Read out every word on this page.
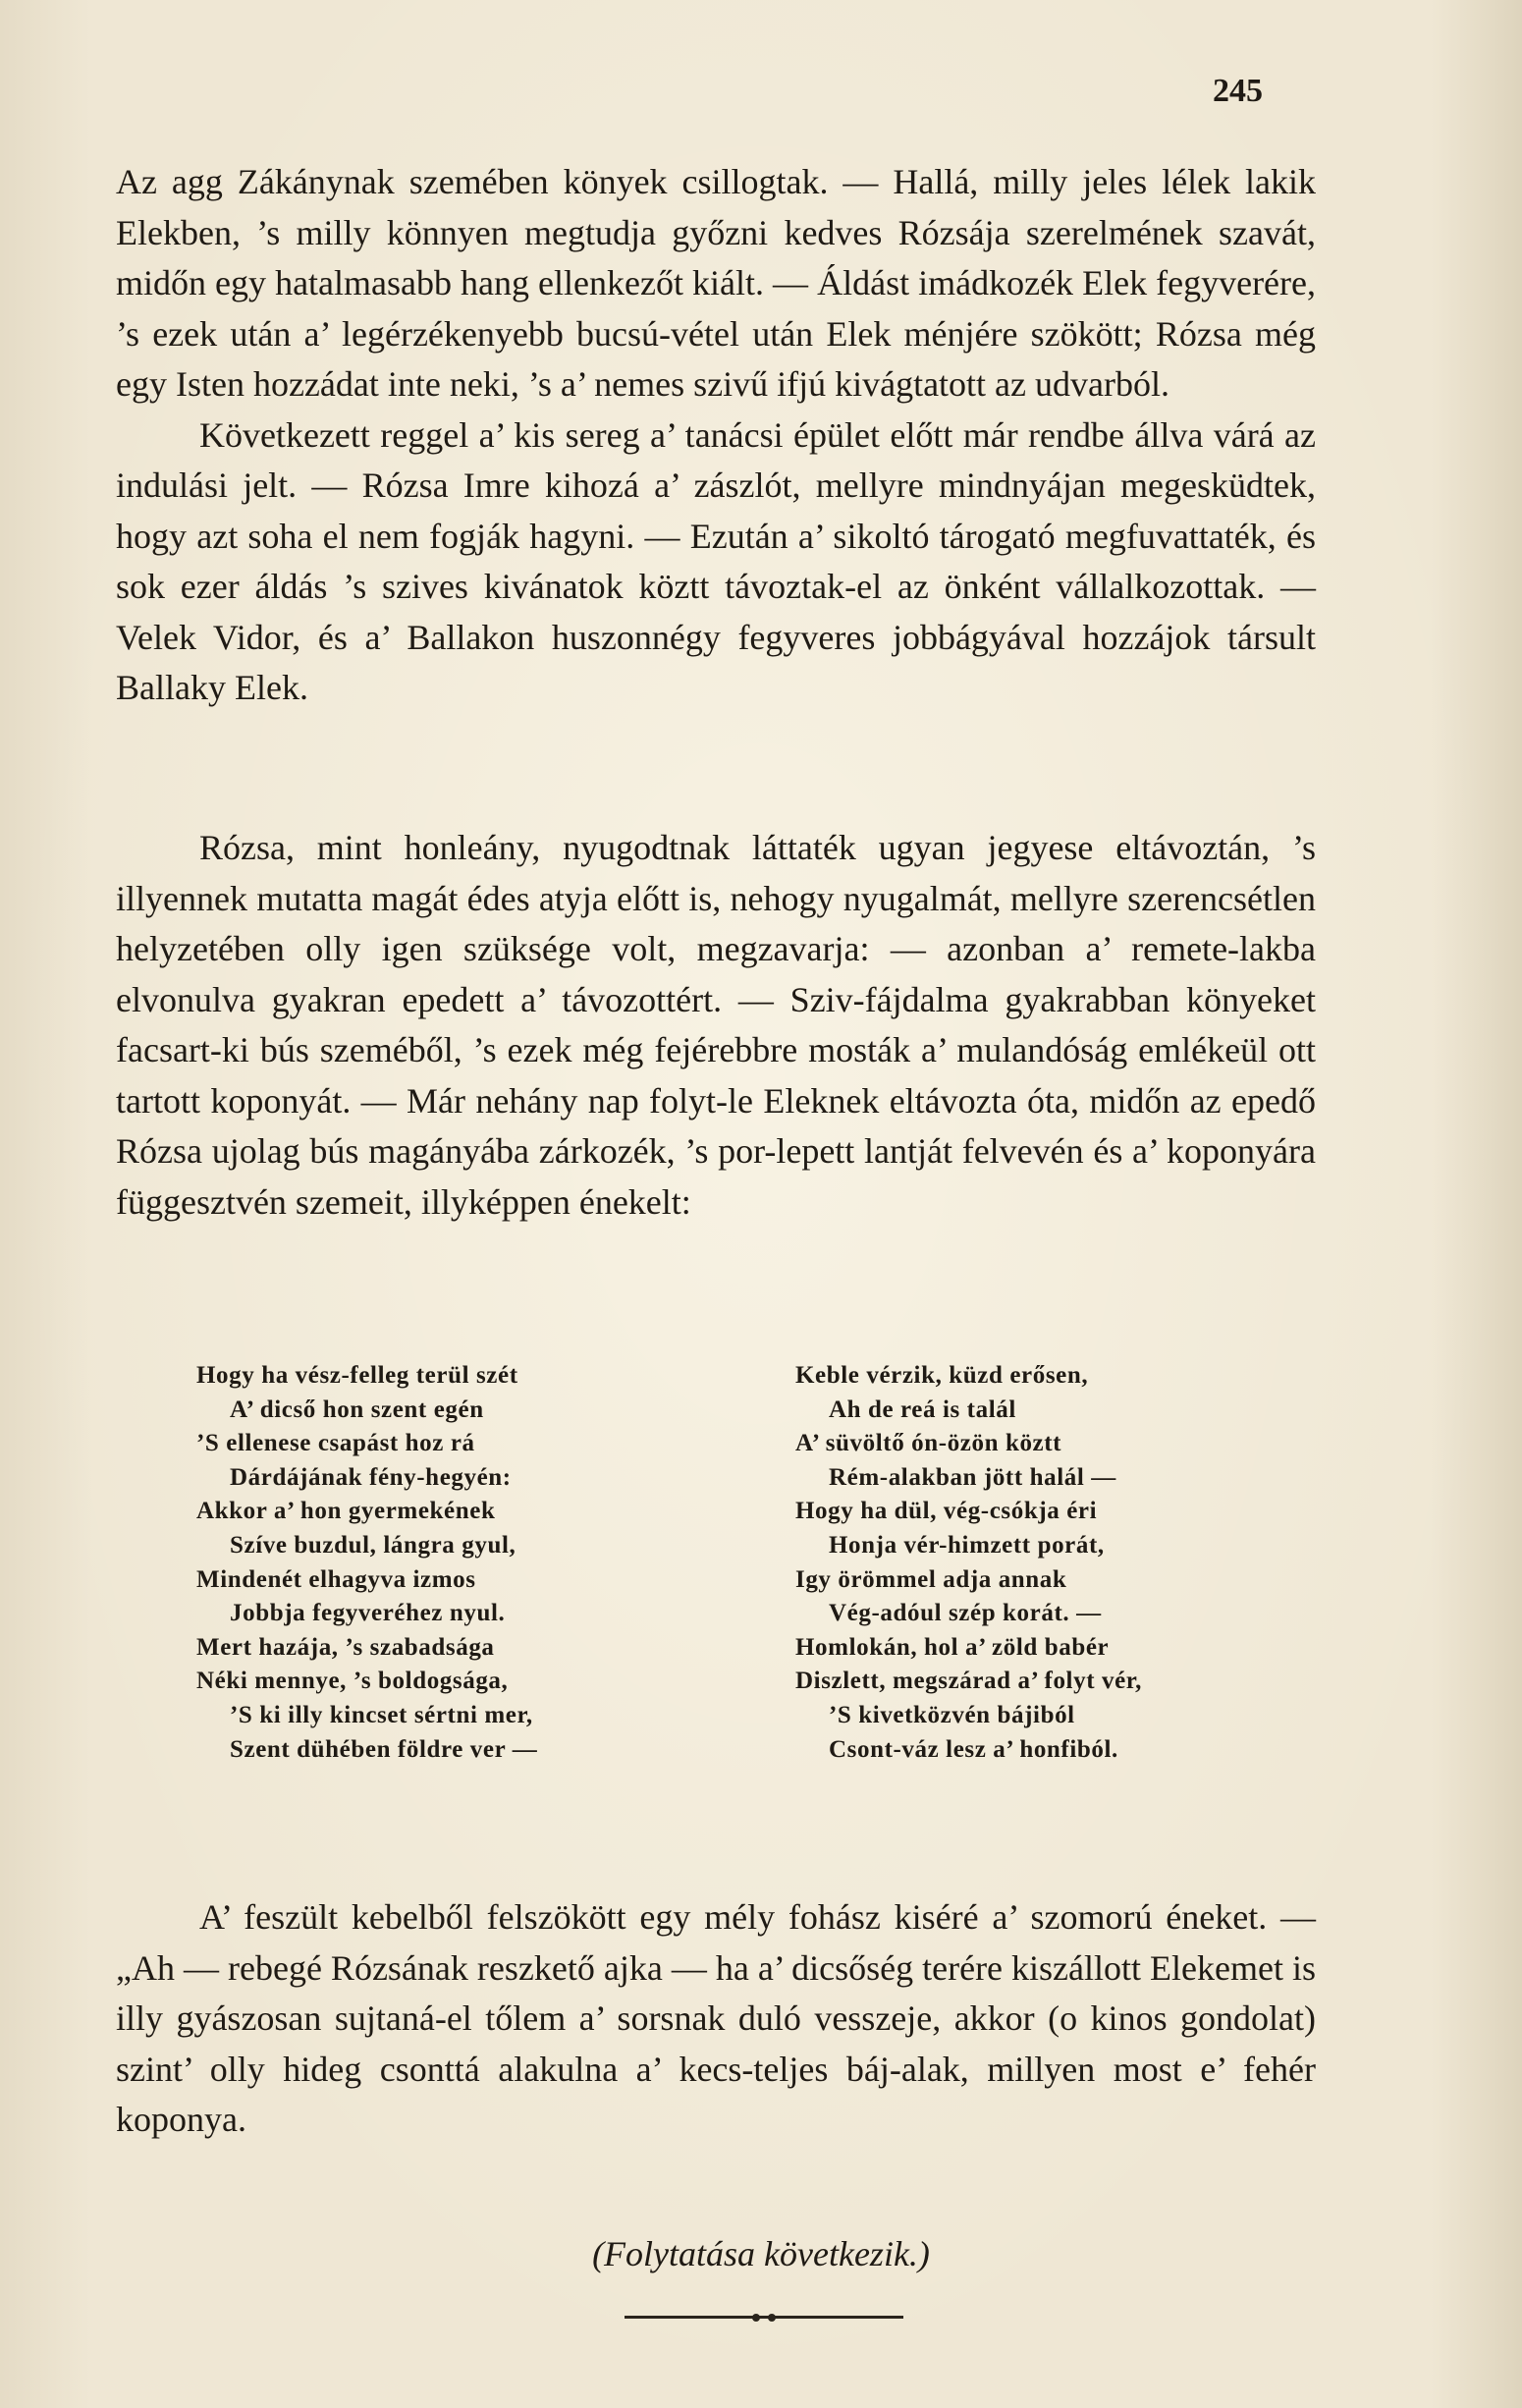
245

Az agg Zákánynak szemében könyek csillogtak. — Hallá, milly jeles lélek lakik Elekben, ’s milly könnyen megtudja győzni kedves Rózsája szerelmének szavát, midőn egy hatalmasabb hang ellenkezőt kiált. — Áldást imádkozék Elek fegyverére, ’s ezek után a’ legérzékenyebb bucsú-vétel után Elek ménjére szökött; Rózsa még egy Isten hozzádat inte neki, ’s a’ nemes szivű ifjú kivágtatott az udvarból.

Következett reggel a’ kis sereg a’ tanácsi épület előtt már rendbe állva várá az indulási jelt. — Rózsa Imre kihozá a’ zászlót, mellyre mindnyájan megesküdtek, hogy azt soha el nem fogják hagyni. — Ezután a’ sikoltó tárogató megfuvattaték, és sok ezer áldás ’s szives kivánatok köztt távoztak-el az önként vállalkozottak. — Velek Vidor, és a’ Ballakon huszonnégy fegyveres jobbágyával hozzájok társult Ballaky Elek.

Rózsa, mint honleány, nyugodtnak láttaték ugyan jegyese eltávoztán, ’s illyennek mutatta magát édes atyja előtt is, nehogy nyugalmát, mellyre szerencsétlen helyzetében olly igen szüksége volt, megzavarja: — azonban a’ remete-lakba elvonulva gyakran epedett a’ távozottért. — Sziv-fájdalma gyakrabban könyeket facsart-ki bús szeméből, ’s ezek még fejérebbre mosták a’ mulandóság emlékeül ott tartott koponyát. — Már nehány nap folyt-le Eleknek eltávozta óta, midőn az epedő Rózsa ujolag bús magányába zárkozék, ’s por-lepett lantját felvevén és a’ koponyára függesztvén szemeit, illyképpen énekelt:

Hogy ha vész-felleg terül szét
A’ dicső hon szent egén
’S ellenese csapást hoz rá
Dárdájának fény-hegyén:
Akkor a’ hon gyermekének
Szíve buzdul, lángra gyul,
Mindenét elhagyva izmos
Jobbja fegyveréhez nyul.
Mert hazája, ’s szabadsága
Néki mennye, ’s boldogsága,
’S ki illy kincset sértni mer,
Szent dühében földre ver —
Keble vérzik, küzd erősen,
Ah de reá is talál
A’ süvöltő ón-özön köztt
Rém-alakban jött halál —
Hogy ha dül, vég-csókja éri
Honja vér-himzett porát,
Igy örömmel adja annak
Vég-adóul szép korát. —
Homlokán, hol a’ zöld babér
Diszlett, megszárad a’ folyt vér,
’S kivetközvén bájiból
Csont-váz lesz a’ honfiból.

A’ feszült kebelből felszökött egy mély fohász kiséré a’ szomorú éneket. — „Ah — rebegé Rózsának reszkető ajka — ha a’ dicsőség terére kiszállott Elekemet is illy gyászosan sujtaná-el tőlem a’ sorsnak duló vesszeje, akkor (o kinos gondolat) szint’ olly hideg csonttá alakulna a’ kecs-teljes báj-alak, millyen most e’ fehér koponya.

(Folytatása következik.)
